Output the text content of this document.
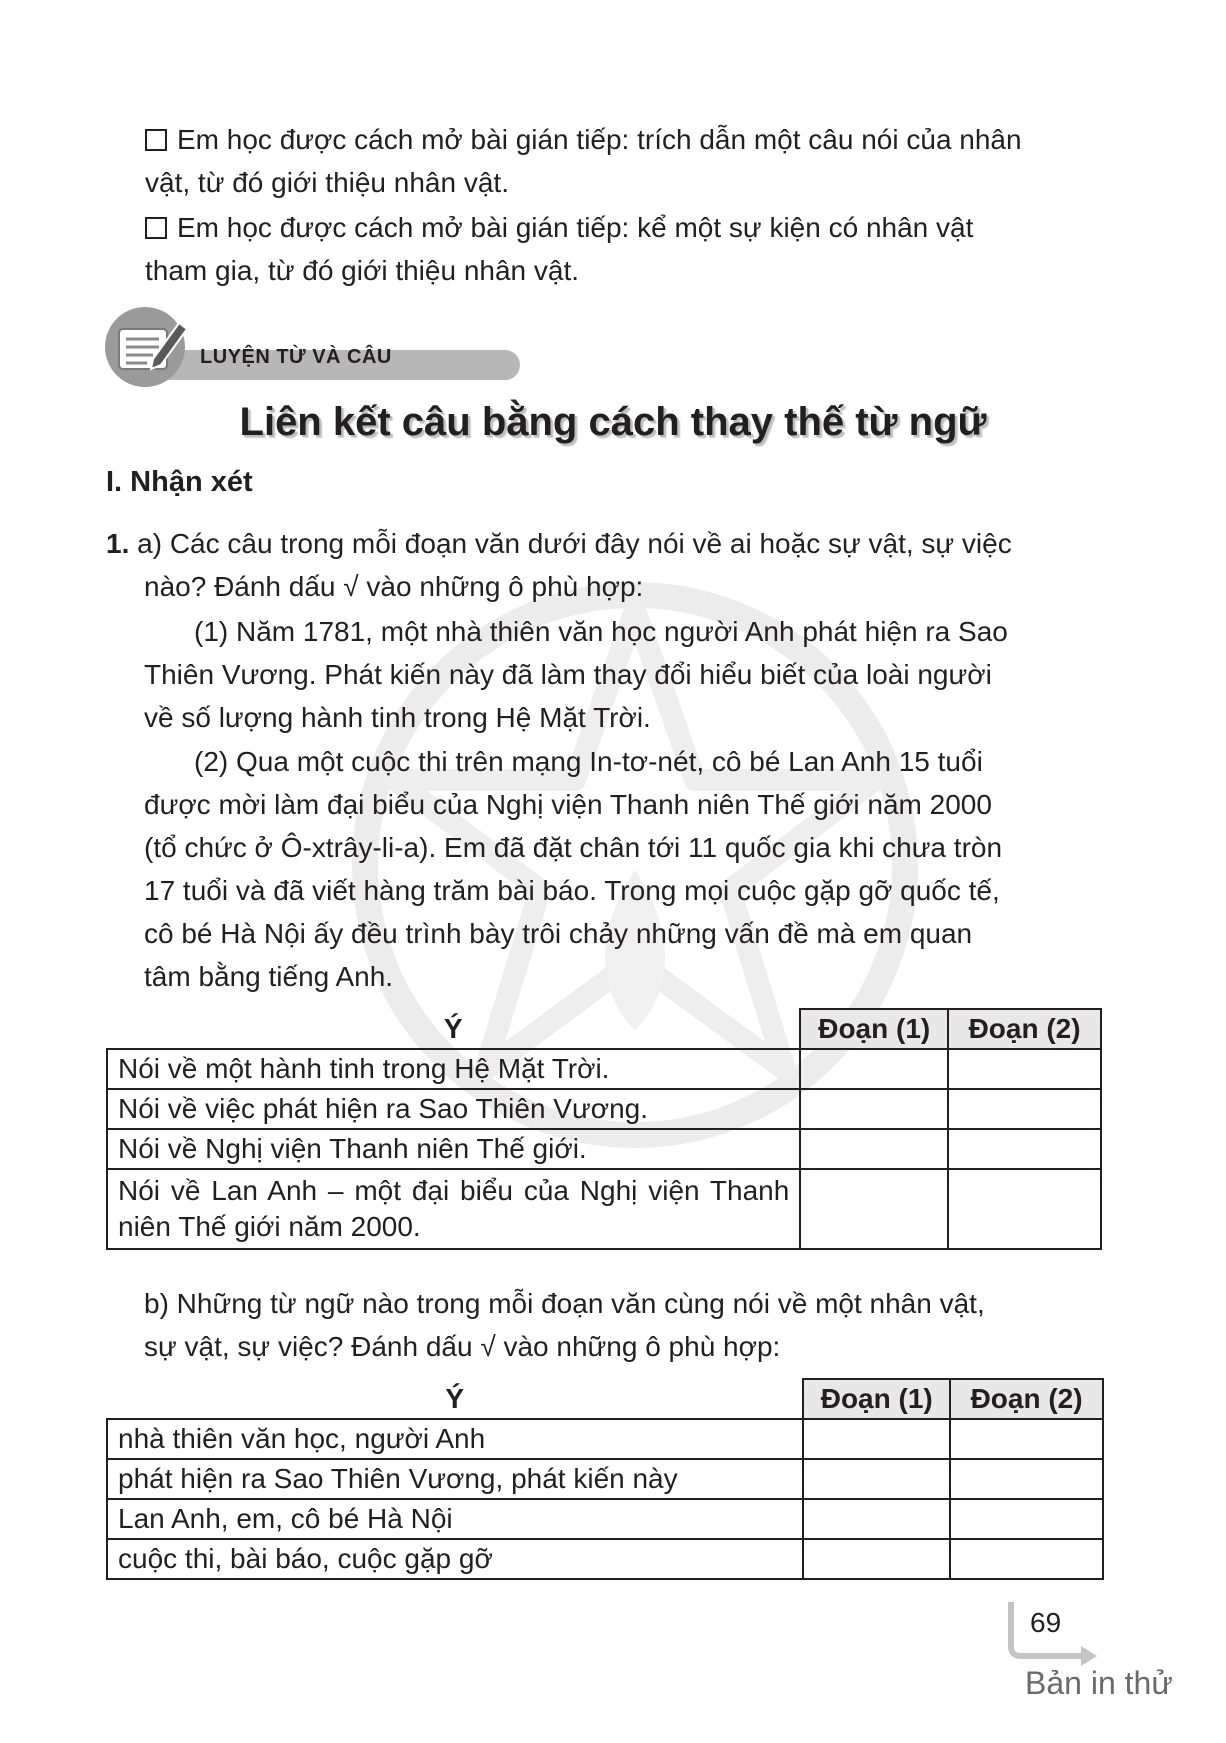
Em học được cách mở bài gián tiếp: trích dẫn một câu nói của nhân
vật, từ đó giới thiệu nhân vật.
Em học được cách mở bài gián tiếp: kể một sự kiện có nhân vật
tham gia, từ đó giới thiệu nhân vật.
LUYỆN TỪ VÀ CÂU
Liên kết câu bằng cách thay thế từ ngữ
I. Nhận xét
1. a) Các câu trong mỗi đoạn văn dưới đây nói về ai hoặc sự vật, sự việc
nào? Đánh dấu √ vào những ô phù hợp:
(1) Năm 1781, một nhà thiên văn học người Anh phát hiện ra Sao
Thiên Vương. Phát kiến này đã làm thay đổi hiểu biết của loài người
về số lượng hành tinh trong Hệ Mặt Trời.
(2) Qua một cuộc thi trên mạng In-tơ-nét, cô bé Lan Anh 15 tuổi
được mời làm đại biểu của Nghị viện Thanh niên Thế giới năm 2000
(tổ chức ở Ô-xtrây-li-a). Em đã đặt chân tới 11 quốc gia khi chưa tròn
17 tuổi và đã viết hàng trăm bài báo. Trong mọi cuộc gặp gỡ quốc tế,
cô bé Hà Nội ấy đều trình bày trôi chảy những vấn đề mà em quan
tâm bằng tiếng Anh.
Ý	Đoạn (1)	Đoạn (2)
Nói về một hành tinh trong Hệ Mặt Trời.		
Nói về việc phát hiện ra Sao Thiên Vương.		
Nói về Nghị viện Thanh niên Thế giới.		
Nói về Lan Anh – một đại biểu của Nghị viện Thanh niên Thế giới năm 2000.		
b) Những từ ngữ nào trong mỗi đoạn văn cùng nói về một nhân vật,
sự vật, sự việc? Đánh dấu √ vào những ô phù hợp:
Ý	Đoạn (1)	Đoạn (2)
nhà thiên văn học, người Anh		
phát hiện ra Sao Thiên Vương, phát kiến này		
Lan Anh, em, cô bé Hà Nội		
cuộc thi, bài báo, cuộc gặp gỡ		
69
Bản in thử
